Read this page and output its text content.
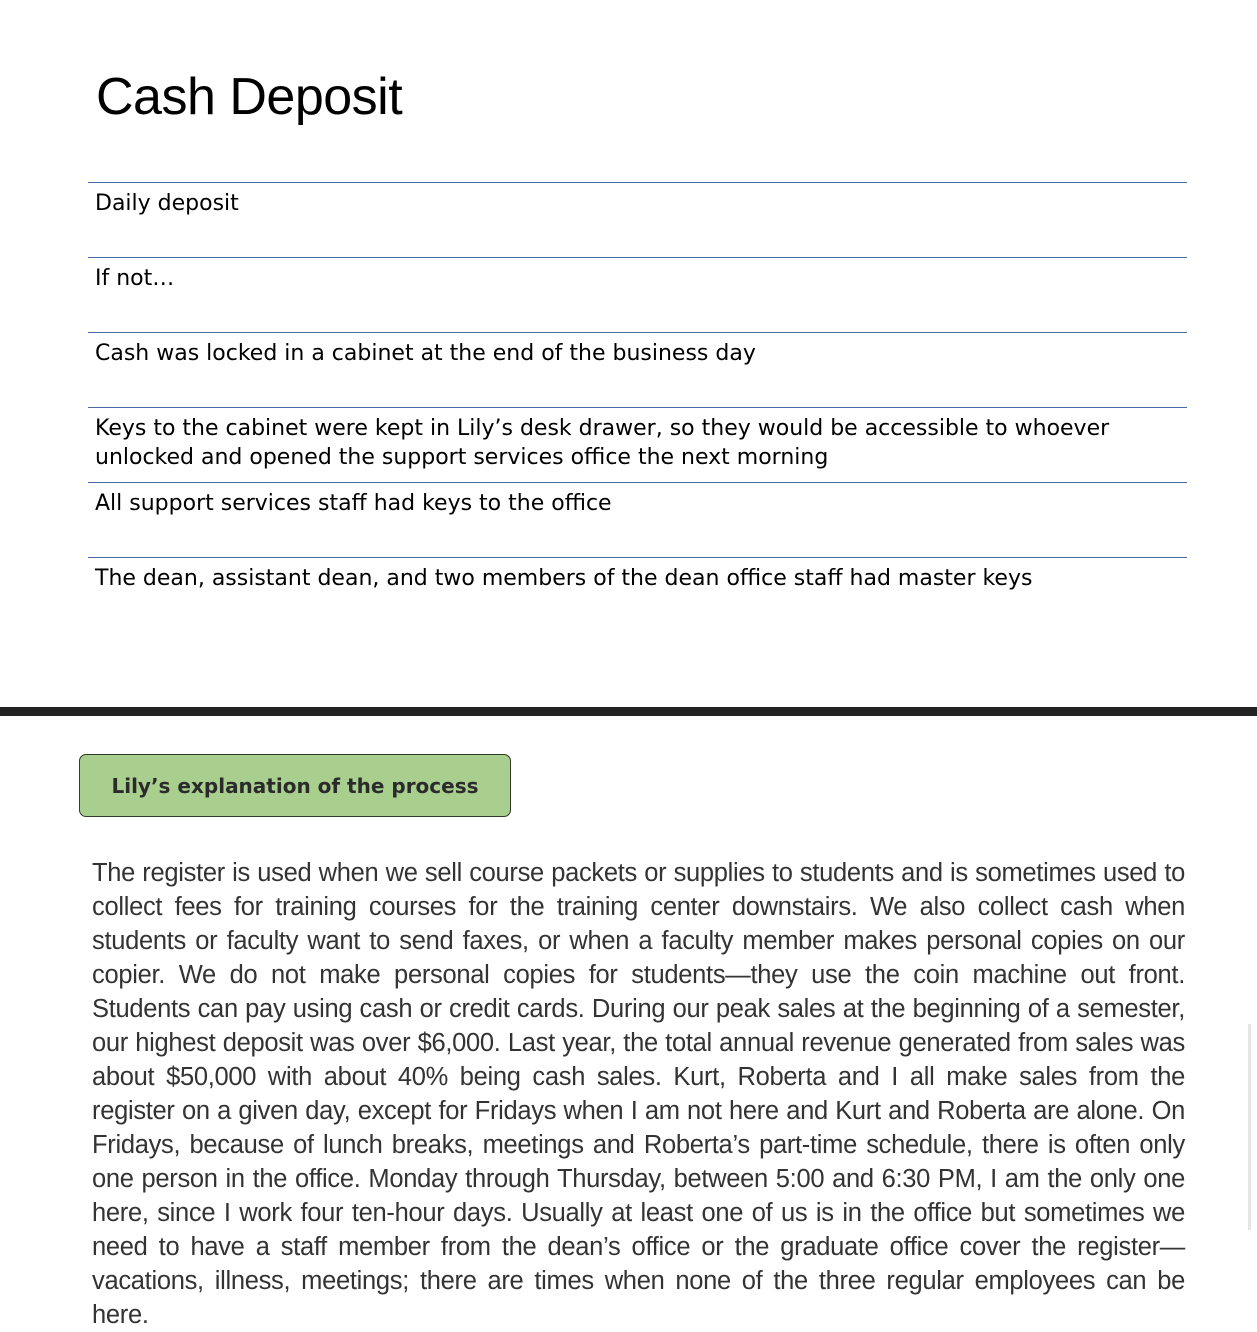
Cash Deposit
Daily deposit
If not…
Cash was locked in a cabinet at the end of the business day
Keys to the cabinet were kept in Lily’s desk drawer, so they would be accessible to whoever unlocked and opened the support services office the next morning
All support services staff had keys to the office
The dean, assistant dean, and two members of the dean office staff had master keys
Lily’s explanation of the process

The register is used when we sell course packets or supplies to students and is sometimes used to collect fees for training courses for the training center downstairs. We also collect cash when students or faculty want to send faxes, or when a faculty member makes personal copies on our copier. We do not make personal copies for students—they use the coin machine out front. Students can pay using cash or credit cards. During our peak sales at the beginning of a semester, our highest deposit was over $6,000. Last year, the total annual revenue generated from sales was about $50,000 with about 40% being cash sales. Kurt, Roberta and I all make sales from the register on a given day, except for Fridays when I am not here and Kurt and Roberta are alone. On Fridays, because of lunch breaks, meetings and Roberta’s part-time schedule, there is often only one person in the office. Monday through Thursday, between 5:00 and 6:30 PM, I am the only one here, since I work four ten-hour days. Usually at least one of us is in the office but sometimes we need to have a staff member from the dean’s office or the graduate office cover the register—vacations, illness, meetings; there are times when none of the three regular employees can be here.
